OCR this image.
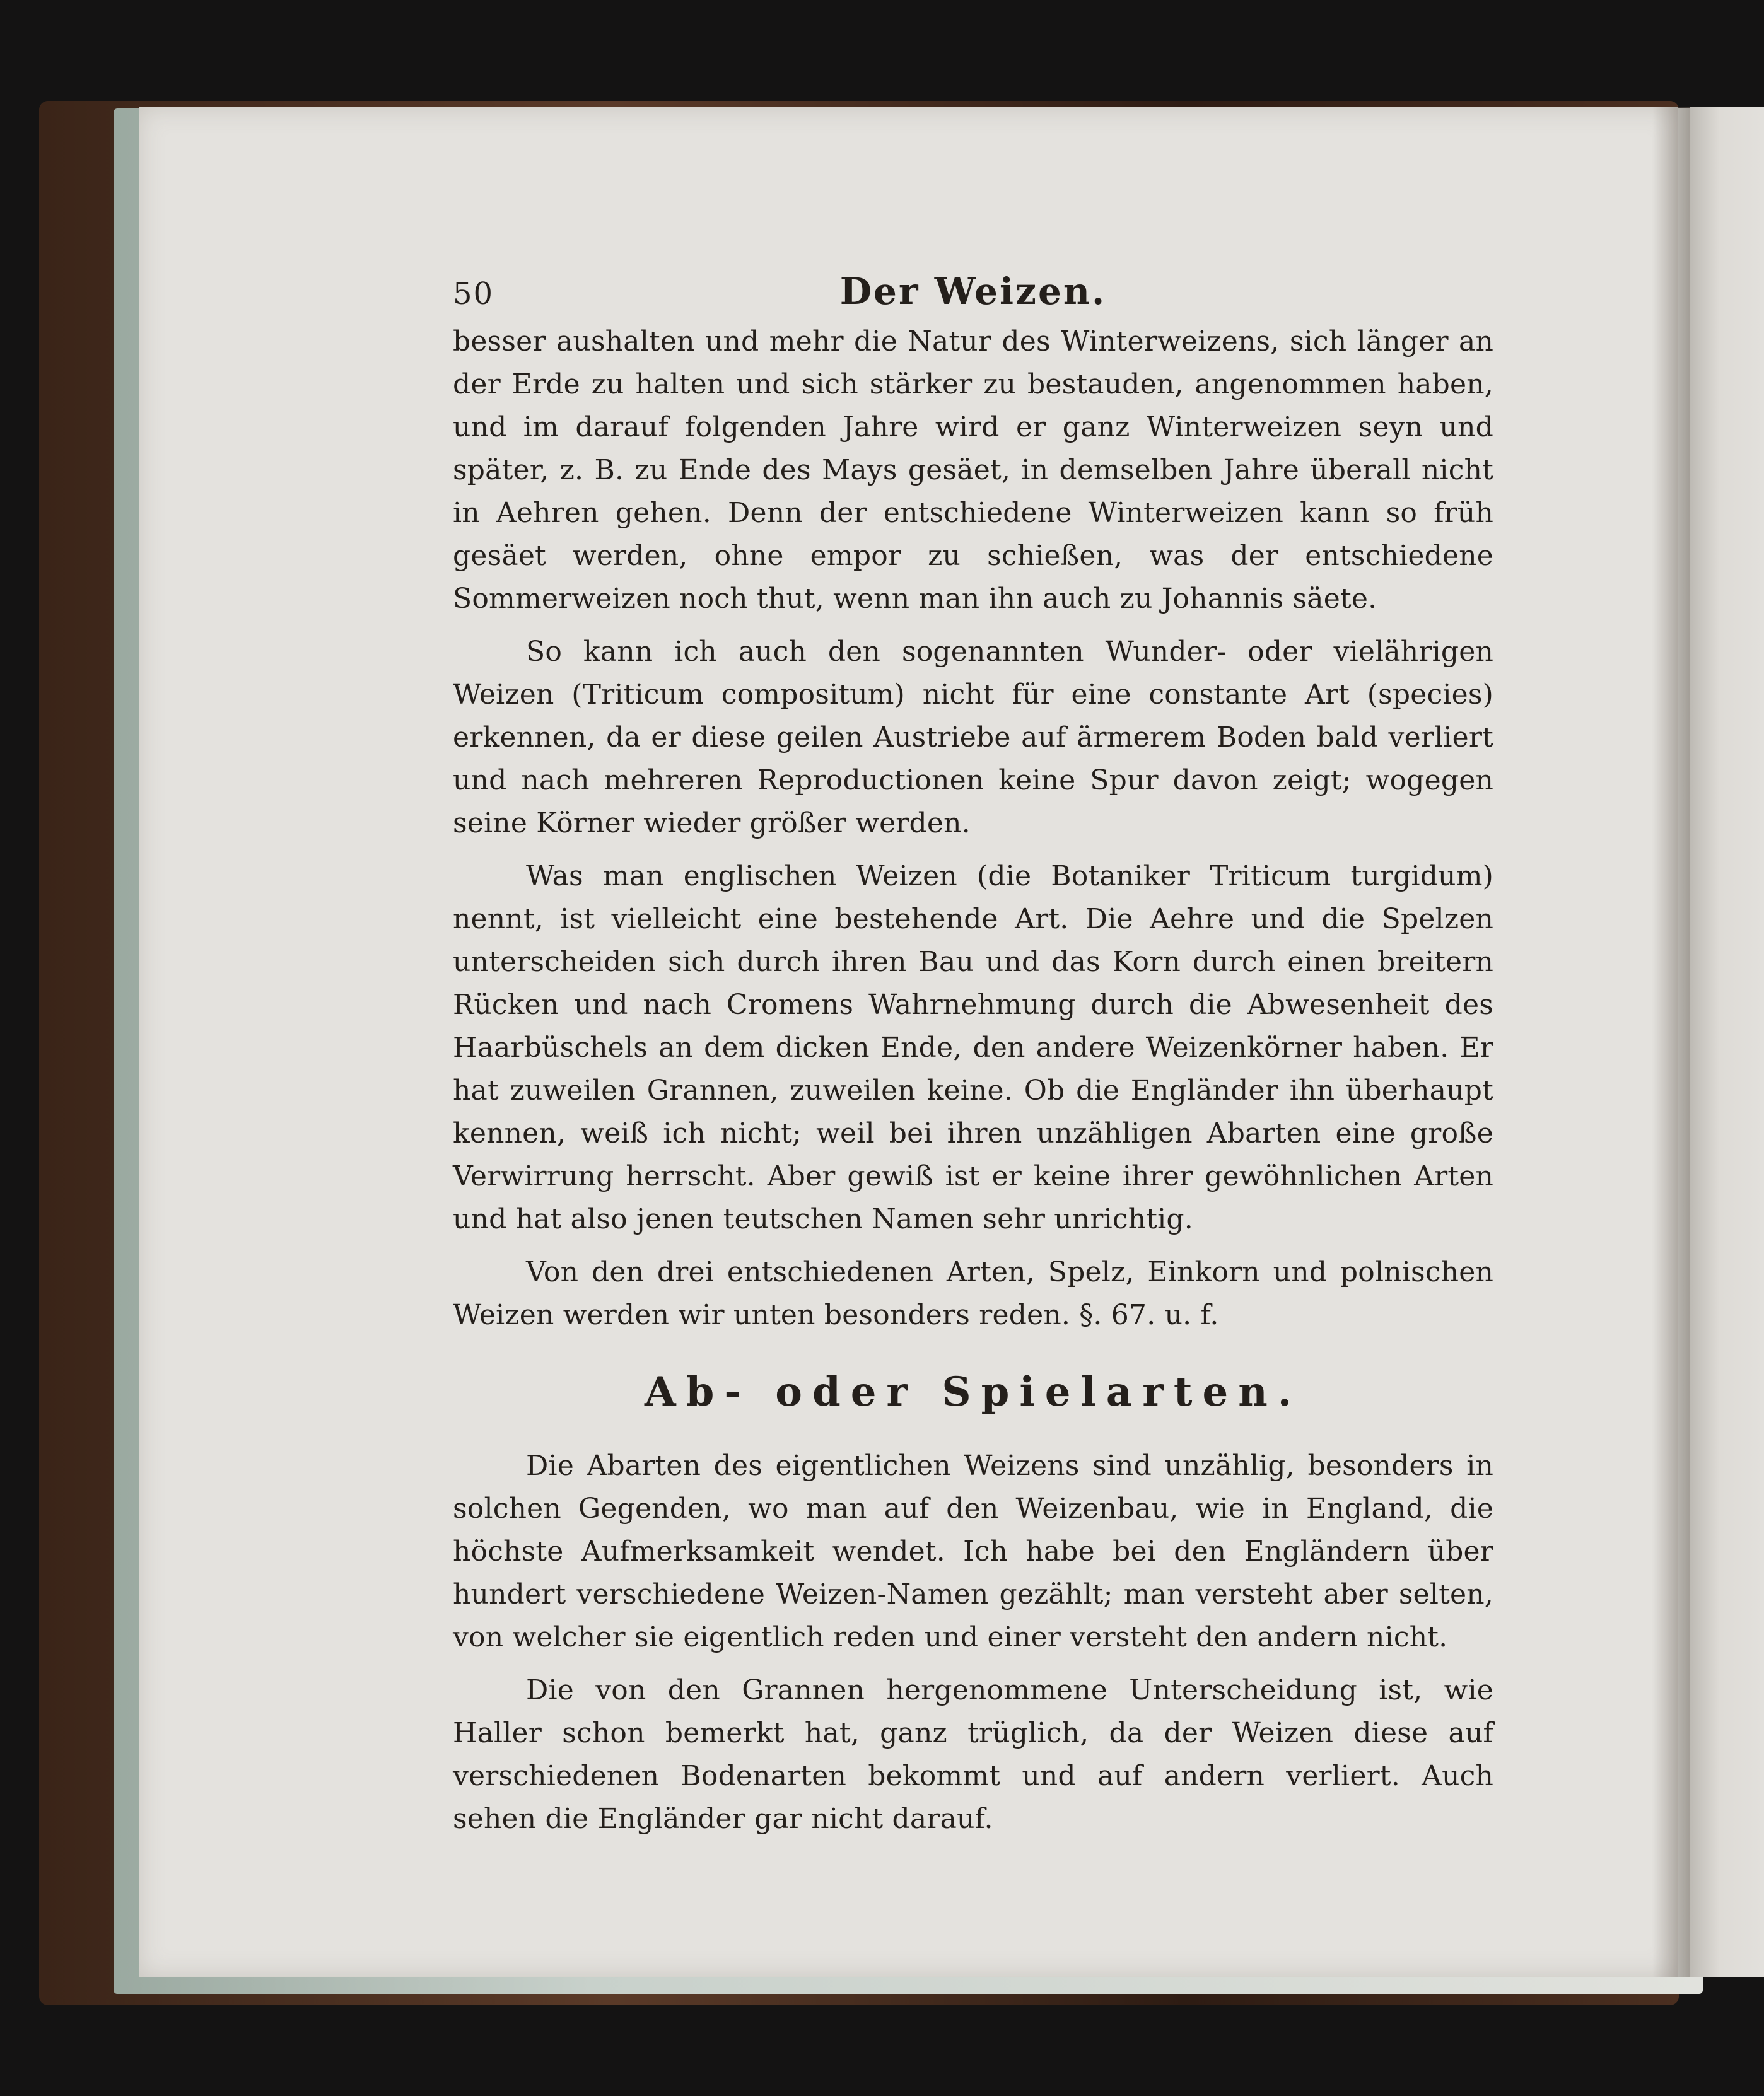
50	Der Weizen.

besser aushalten und mehr die Natur des Winterweizens, sich länger an der Erde zu halten und sich stärker zu bestauden, angenommen haben, und im darauf folgenden Jahre wird er ganz Winterweizen seyn und später, z. B. zu Ende des Mays gesäet, in demselben Jahre überall nicht in Aehren gehen. Denn der entschiedene Winterweizen kann so früh gesäet werden, ohne empor zu schießen, was der entschiedene Sommerweizen noch thut, wenn man ihn auch zu Johannis säete.

So kann ich auch den sogenannten Wunder- oder vielährigen Weizen (Triticum compositum) nicht für eine constante Art (species) erkennen, da er diese geilen Austriebe auf ärmerem Boden bald verliert und nach mehreren Reproductionen keine Spur davon zeigt; wogegen seine Körner wieder größer werden.

Was man englischen Weizen (die Botaniker Triticum turgidum) nennt, ist vielleicht eine bestehende Art. Die Aehre und die Spelzen unterscheiden sich durch ihren Bau und das Korn durch einen breitern Rücken und nach Cromens Wahrnehmung durch die Abwesenheit des Haarbüschels an dem dicken Ende, den andere Weizenkörner haben. Er hat zuweilen Grannen, zuweilen keine. Ob die Engländer ihn überhaupt kennen, weiß ich nicht; weil bei ihren unzähligen Abarten eine große Verwirrung herrscht. Aber gewiß ist er keine ihrer gewöhnlichen Arten und hat also jenen teutschen Namen sehr unrichtig.

Von den drei entschiedenen Arten, Spelz, Einkorn und polnischen Weizen werden wir unten besonders reden. §. 67. u. f.

Ab- oder Spielarten.

Die Abarten des eigentlichen Weizens sind unzählig, besonders in solchen Gegenden, wo man auf den Weizenbau, wie in England, die höchste Aufmerksamkeit wendet. Ich habe bei den Engländern über hundert verschiedene Weizen-Namen gezählt; man versteht aber selten, von welcher sie eigentlich reden und einer versteht den andern nicht.

Die von den Grannen hergenommene Unterscheidung ist, wie Haller schon bemerkt hat, ganz trüglich, da der Weizen diese auf verschiedenen Bodenarten bekommt und auf andern verliert. Auch sehen die Engländer gar nicht darauf.
